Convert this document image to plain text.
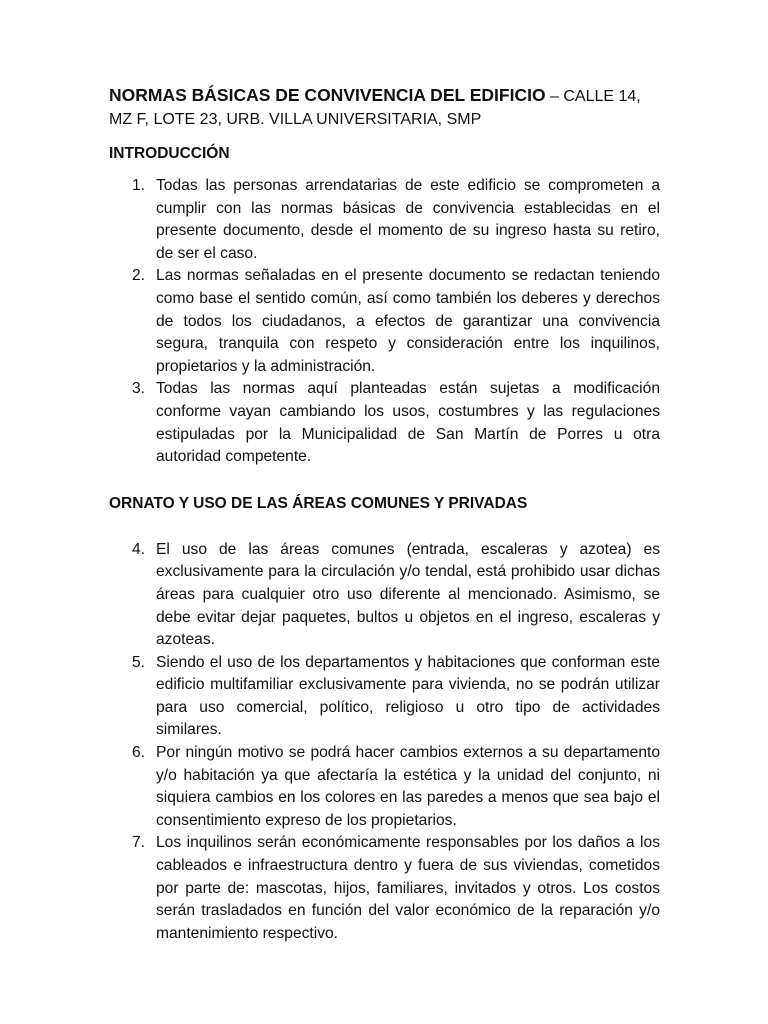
NORMAS BÁSICAS DE CONVIVENCIA DEL EDIFICIO – CALLE 14, MZ F, LOTE 23, URB. VILLA UNIVERSITARIA, SMP
INTRODUCCIÓN
1. Todas las personas arrendatarias de este edificio se comprometen a cumplir con las normas básicas de convivencia establecidas en el presente documento, desde el momento de su ingreso hasta su retiro, de ser el caso.
2. Las normas señaladas en el presente documento se redactan teniendo como base el sentido común, así como también los deberes y derechos de todos los ciudadanos, a efectos de garantizar una convivencia segura, tranquila con respeto y consideración entre los inquilinos, propietarios y la administración.
3. Todas las normas aquí planteadas están sujetas a modificación conforme vayan cambiando los usos, costumbres y las regulaciones estipuladas por la Municipalidad de San Martín de Porres u otra autoridad competente.
ORNATO Y USO DE LAS ÁREAS COMUNES Y PRIVADAS
4. El uso de las áreas comunes (entrada, escaleras y azotea) es exclusivamente para la circulación y/o tendal, está prohibido usar dichas áreas para cualquier otro uso diferente al mencionado. Asimismo, se debe evitar dejar paquetes, bultos u objetos en el ingreso, escaleras y azoteas.
5. Siendo el uso de los departamentos y habitaciones que conforman este edificio multifamiliar exclusivamente para vivienda, no se podrán utilizar para uso comercial, político, religioso u otro tipo de actividades similares.
6. Por ningún motivo se podrá hacer cambios externos a su departamento y/o habitación ya que afectaría la estética y la unidad del conjunto, ni siquiera cambios en los colores en las paredes a menos que sea bajo el consentimiento expreso de los propietarios.
7. Los inquilinos serán económicamente responsables por los daños a los cableados e infraestructura dentro y fuera de sus viviendas, cometidos por parte de: mascotas, hijos, familiares, invitados y otros. Los costos serán trasladados en función del valor económico de la reparación y/o mantenimiento respectivo.
